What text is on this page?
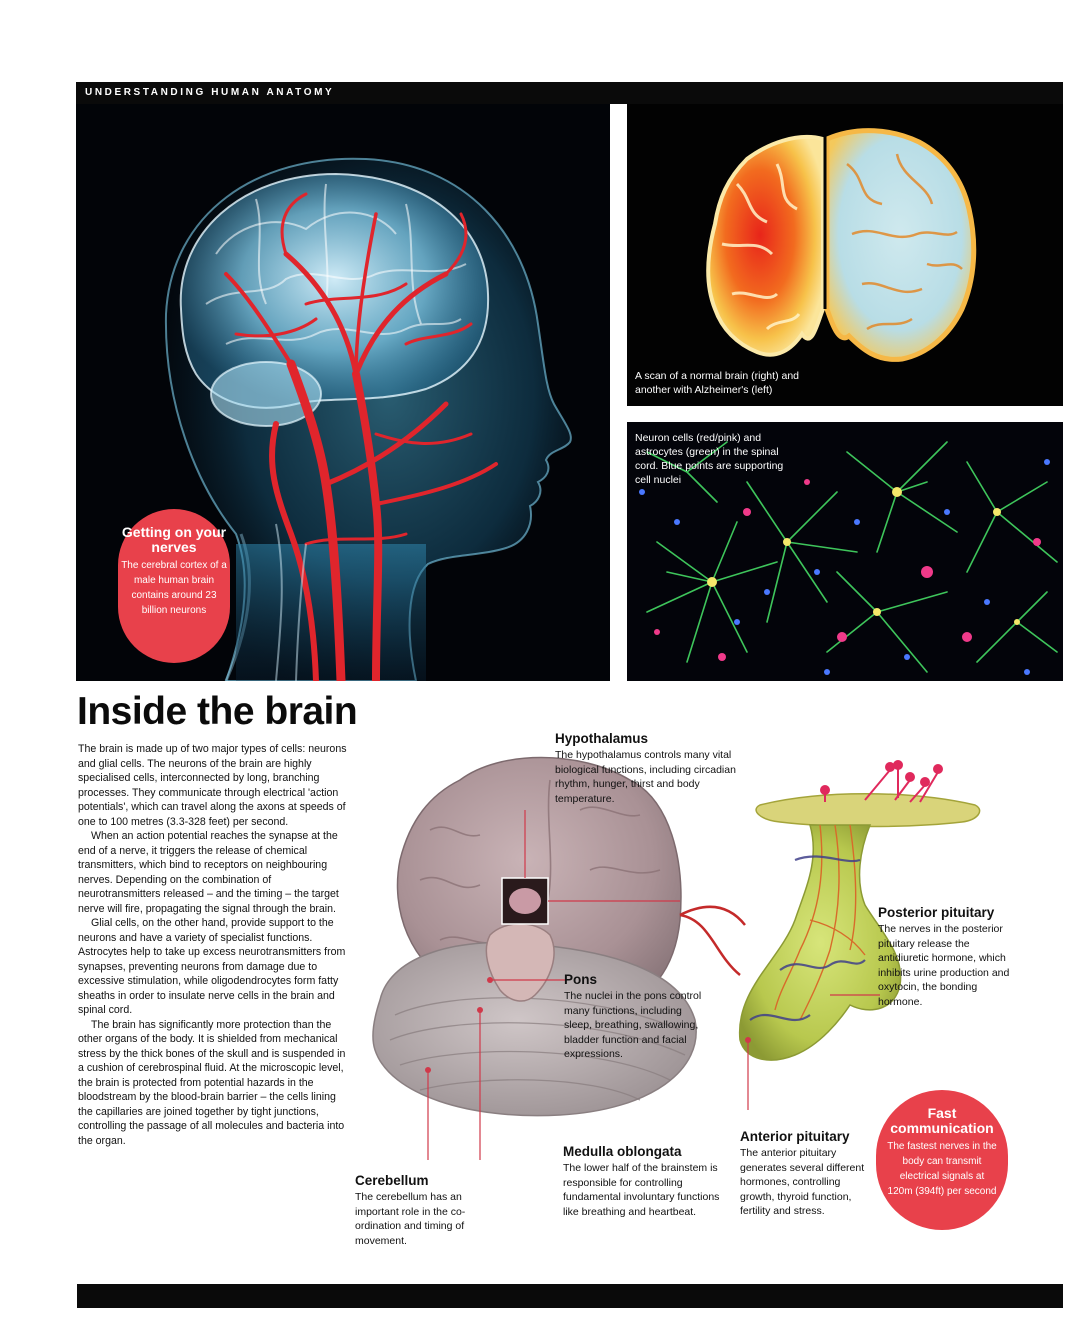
UNDERSTANDING HUMAN ANATOMY
Getting on your nerves

The cerebral cortex of a male human brain contains around 23 billion neurons

A scan of a normal brain (right) and another with Alzheimer's (left)
Neuron cells (red/pink) and astrocytes (green) in the spinal cord. Blue points are supporting cell nuclei
Inside the brain

The brain is made up of two major types of cells: neurons and glial cells. The neurons of the brain are highly specialised cells, interconnected by long, branching processes. They communicate through electrical 'action potentials', which can travel along the axons at speeds of one to 100 metres (3.3-328 feet) per second.

When an action potential reaches the synapse at the end of a nerve, it triggers the release of chemical transmitters, which bind to receptors on neighbouring nerves. Depending on the combination of neurotransmitters released – and the timing – the target nerve will fire, propagating the signal through the brain.

Glial cells, on the other hand, provide support to the neurons and have a variety of specialist functions. Astrocytes help to take up excess neurotransmitters from synapses, preventing neurons from damage due to excessive stimulation, while oligodendrocytes form fatty sheaths in order to insulate nerve cells in the brain and spinal cord.

The brain has significantly more protection than the other organs of the body. It is shielded from mechanical stress by the thick bones of the skull and is suspended in a cushion of cerebrospinal fluid. At the microscopic level, the brain is protected from potential hazards in the bloodstream by the blood-brain barrier – the cells lining the capillaries are joined together by tight junctions, controlling the passage of all molecules and bacteria into the organ.

Hypothalamus

The hypothalamus controls many vital biological functions, including circadian rhythm, hunger, thirst and body temperature.

Posterior pituitary

The nerves in the posterior pituitary release the antidiuretic hormone, which inhibits urine production and oxytocin, the bonding hormone.

Pons

The nuclei in the pons control many functions, including sleep, breathing, swallowing, bladder function and facial expressions.

Anterior pituitary

The anterior pituitary generates several different hormones, controlling growth, thyroid function, fertility and stress.

Medulla oblongata

The lower half of the brainstem is responsible for controlling fundamental involuntary functions like breathing and heartbeat.

Cerebellum

The cerebellum has an important role in the co-ordination and timing of movement.

Fast communication

The fastest nerves in the body can transmit electrical signals at 120m (394ft) per second
